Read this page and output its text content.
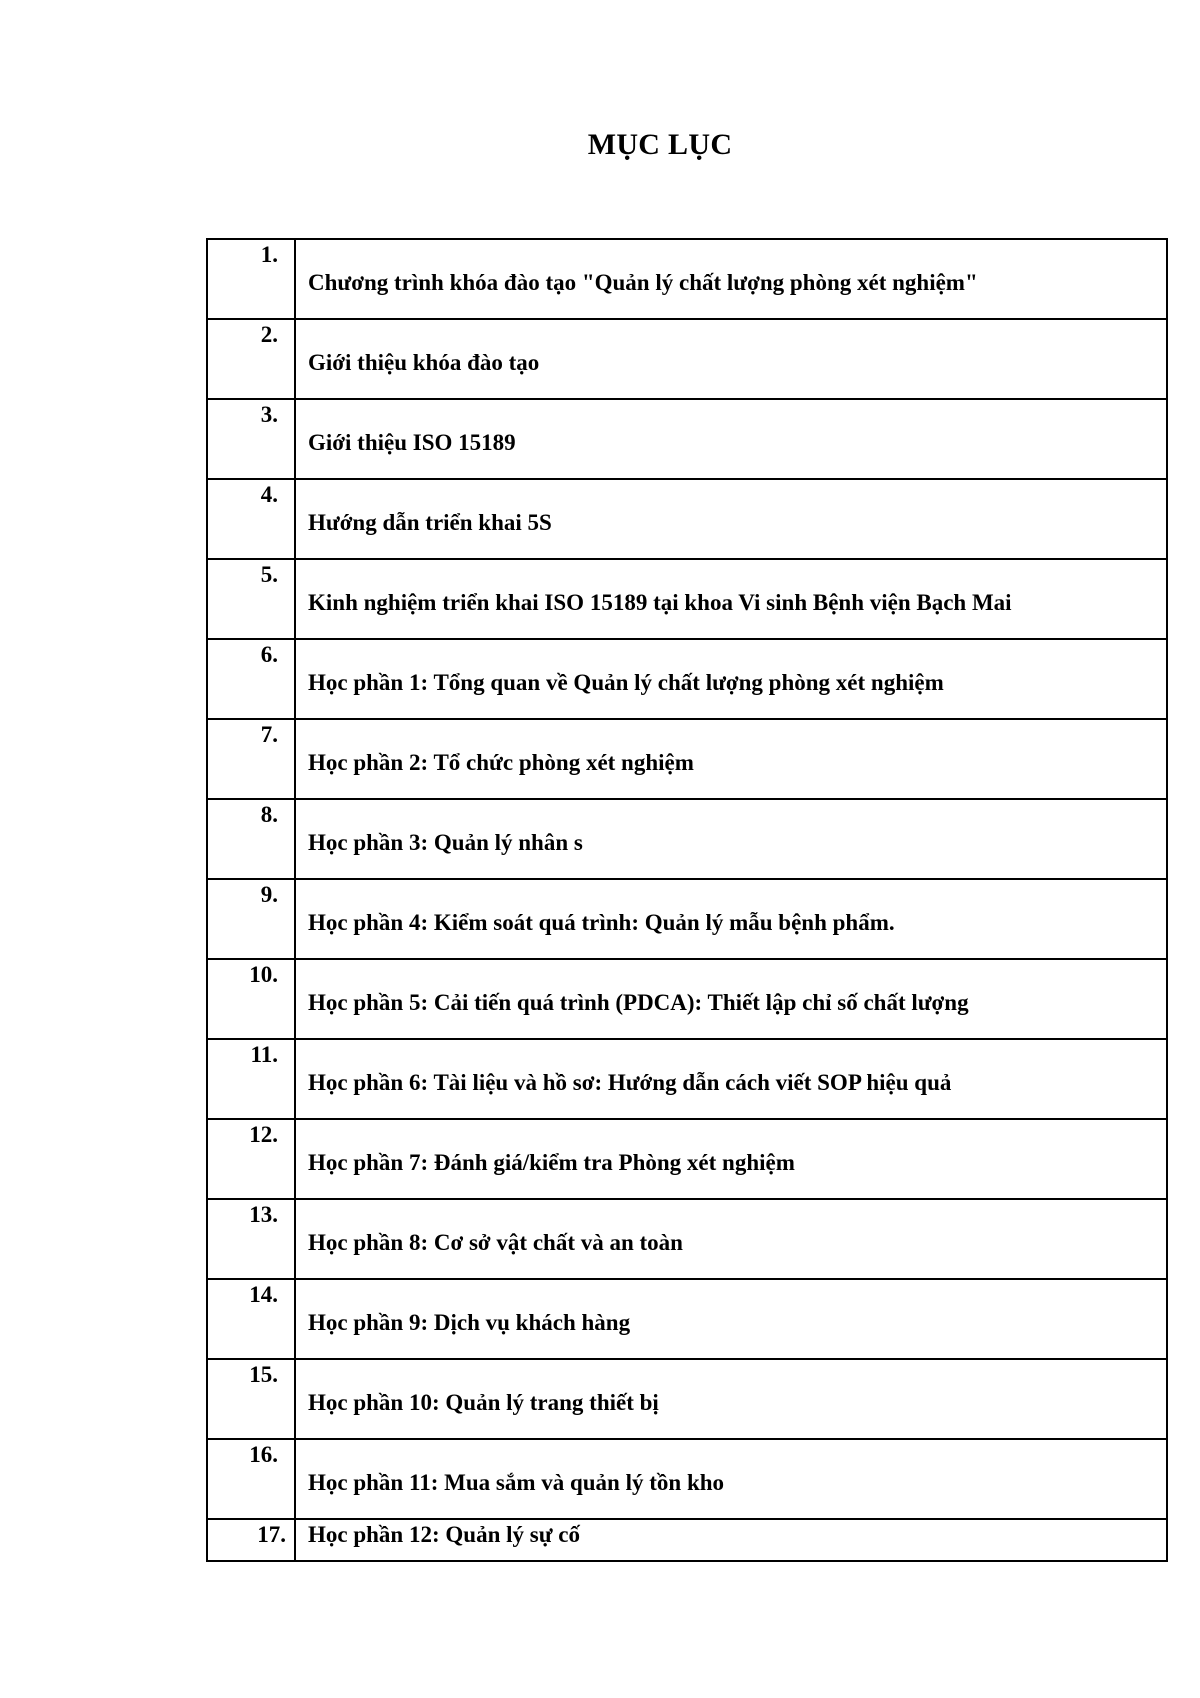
MỤC LỤC
1.	Chương trình khóa đào tạo "Quản lý chất lượng phòng xét nghiệm"
2.	Giới thiệu khóa đào tạo
3.	Giới thiệu ISO 15189
4.	Hướng dẫn triển khai 5S
5.	Kinh nghiệm triển khai ISO 15189 tại khoa Vi sinh Bệnh viện Bạch Mai
6.	Học phần 1: Tổng quan về Quản lý chất lượng phòng xét nghiệm
7.	Học phần 2: Tổ chức phòng xét nghiệm
8.	Học phần 3: Quản lý nhân s
9.	Học phần 4: Kiểm soát quá trình: Quản lý mẫu bệnh phẩm.
10.	Học phần 5: Cải tiến quá trình (PDCA): Thiết lập chỉ số chất lượng
11.	Học phần 6: Tài liệu và hồ sơ: Hướng dẫn cách viết SOP hiệu quả
12.	Học phần 7: Đánh giá/kiểm tra Phòng xét nghiệm
13.	Học phần 8: Cơ sở vật chất và an toàn
14.	Học phần 9: Dịch vụ khách hàng
15.	Học phần 10: Quản lý trang thiết bị
16.	Học phần 11: Mua sắm và quản lý tồn kho
17.	Học phần 12: Quản lý sự cố
